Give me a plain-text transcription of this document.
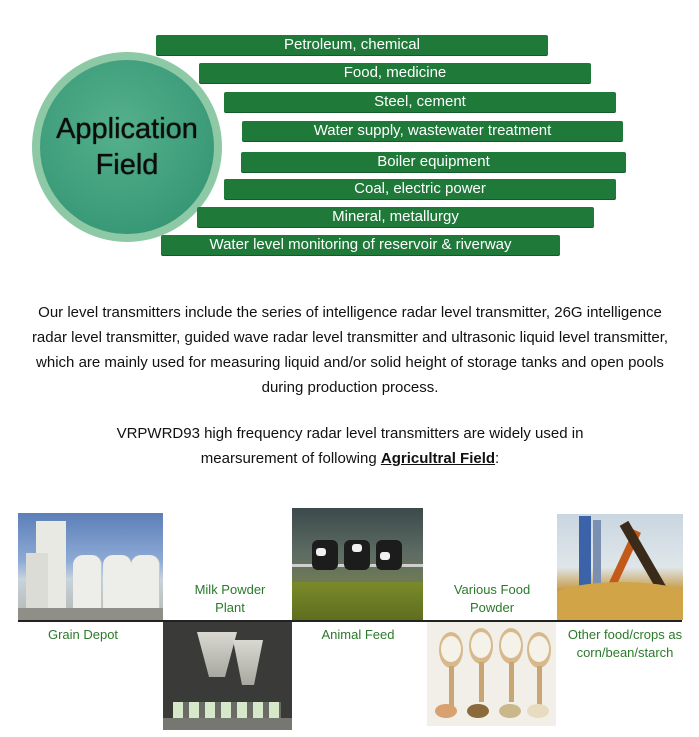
Application
Field
Petroleum, chemical
Food, medicine
Steel, cement
Water supply, wastewater treatment
Boiler equipment
Coal, electric power
Mineral, metallurgy
Water level monitoring of reservoir & riverway
Our level transmitters include the series of intelligence radar level transmitter, 26G intelligence radar level transmitter, guided wave radar level transmitter and ultrasonic liquid level transmitter, which are mainly used for measuring liquid and/or solid height of storage tanks and open pools during production process.
VRPWRD93 high frequency radar level transmitters are widely used in mearsurement of following Agricultral Field:
Grain Depot
Milk Powder Plant
Animal Feed
Various Food Powder
Other food/crops as corn/bean/starch
